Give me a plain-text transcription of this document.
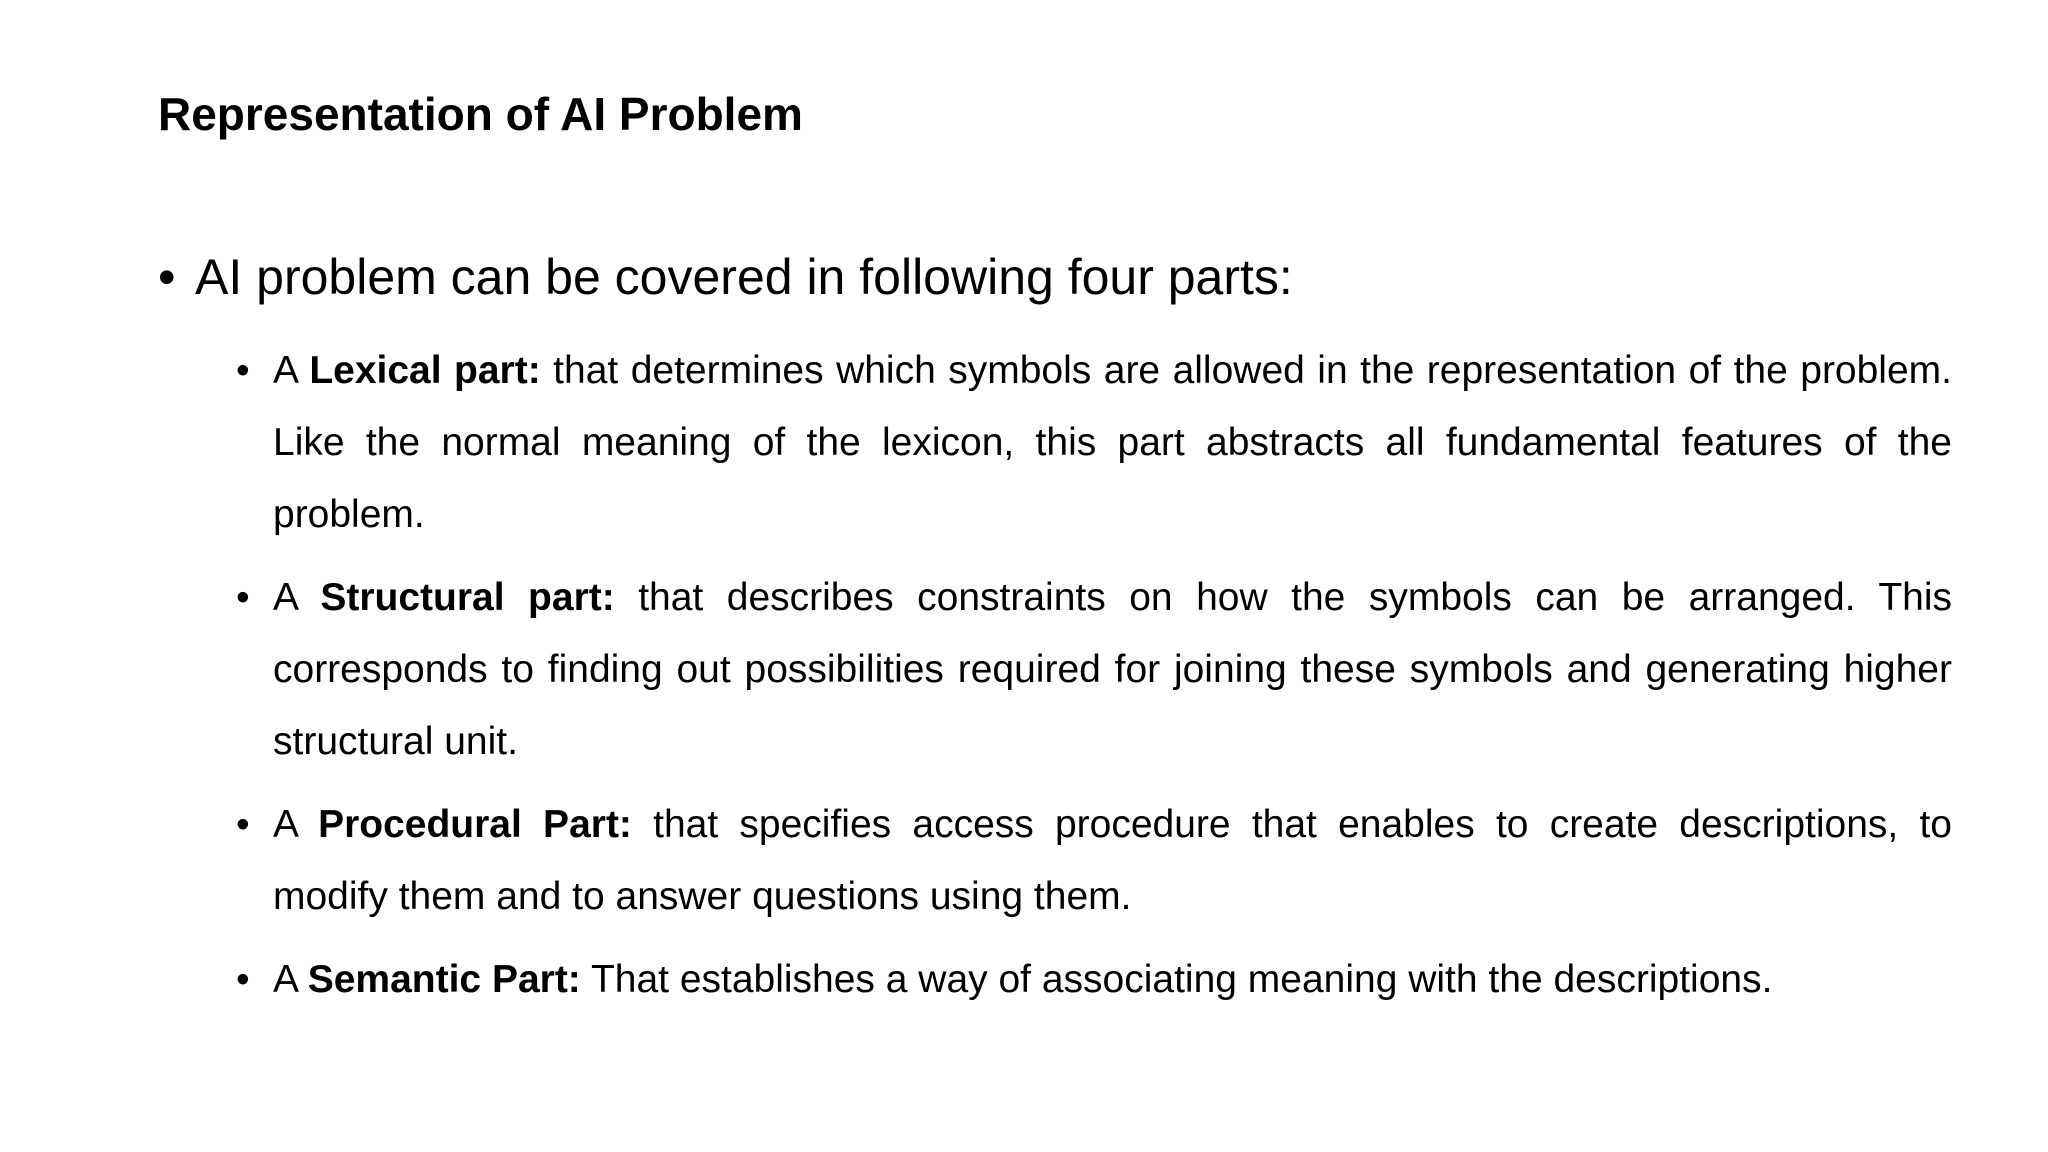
Representation of AI Problem
• AI problem can be covered in following four parts:
• A Lexical part: that determines which symbols are allowed in the representation of the problem. Like the normal meaning of the lexicon, this part abstracts all fundamental features of the problem.
• A Structural part: that describes constraints on how the symbols can be arranged. This corresponds to finding out possibilities required for joining these symbols and generating higher structural unit.
• A Procedural Part: that specifies access procedure that enables to create descriptions, to modify them and to answer questions using them.
• A Semantic Part: That establishes a way of associating meaning with the descriptions.
